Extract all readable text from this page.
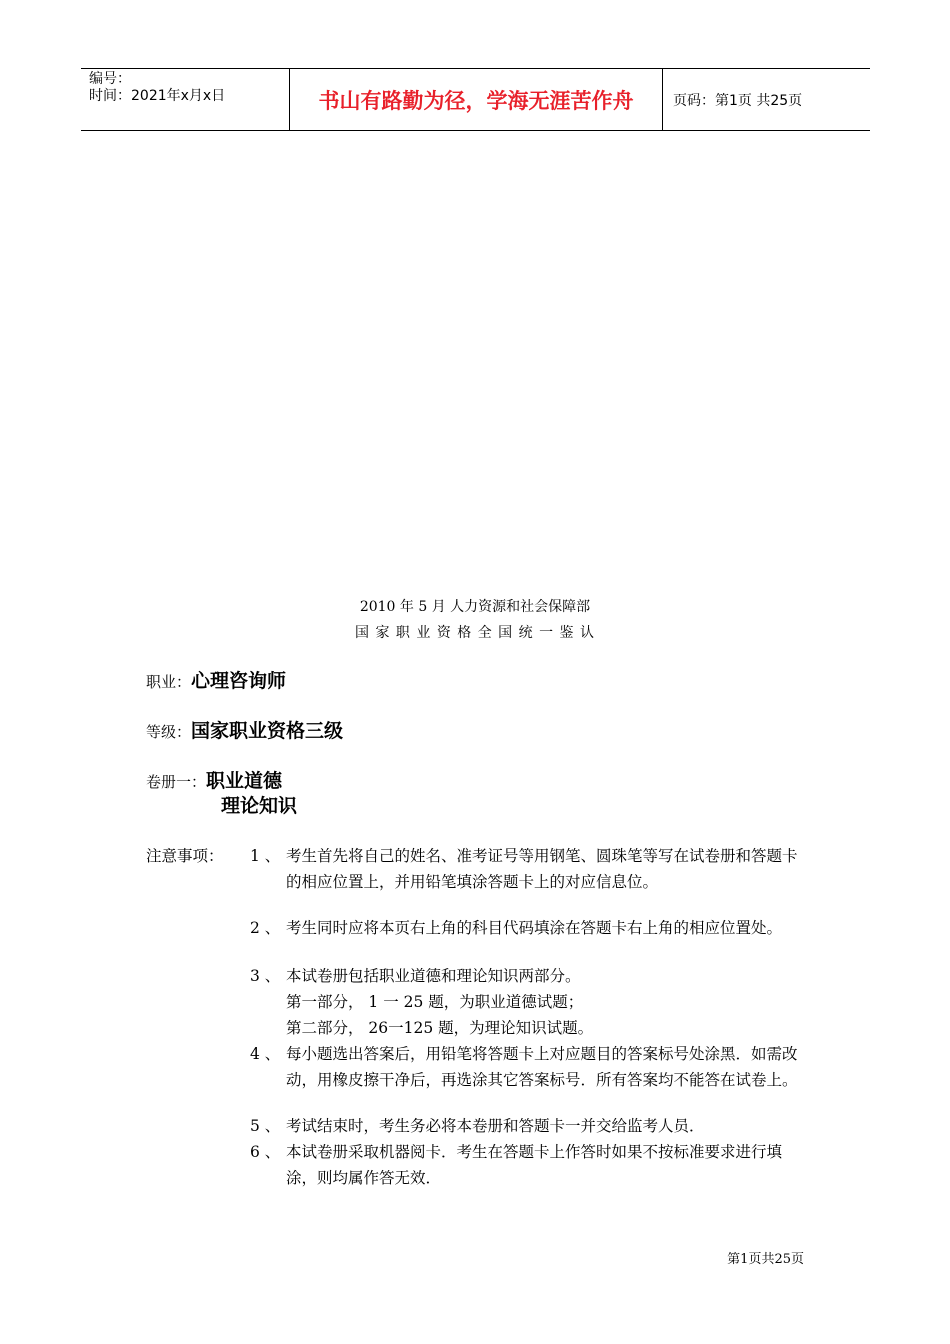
编号：
时间：2021年x月x日	书山有路勤为径，学海无涯苦作舟	页码：第1页 共25页
2010 年 5 月 人力资源和社会保障部
国 家 职 业 资 格 全 国 统 一 鉴 认
职业：心理咨询师
等级：国家职业资格三级
卷册一：职业道德
理论知识
注意事项： 1 、 考生首先将自己的姓名、准考证号等用钢笔、圆珠笔等写在试卷册和答题卡的相应位置上，并用铅笔填涂答题卡上的对应信息位。
2 、 考生同时应将本页右上角的科目代码填涂在答题卡右上角的相应位置处。
3 、 本试卷册包括职业道德和理论知识两部分。
第一部分， 1 一 25 题，为职业道德试题；
第二部分， 26一125 题，为理论知识试题。
4 、 每小题选出答案后，用铅笔将答题卡上对应题目的答案标号处涂黑．如需改动，用橡皮擦干净后，再选涂其它答案标号．所有答案均不能答在试卷上。
5 、 考试结束时，考生务必将本卷册和答题卡一并交给监考人员．
6 、 本试卷册采取机器阅卡．考生在答题卡上作答时如果不按标准要求进行填涂，则均属作答无效．
第1页共25页
